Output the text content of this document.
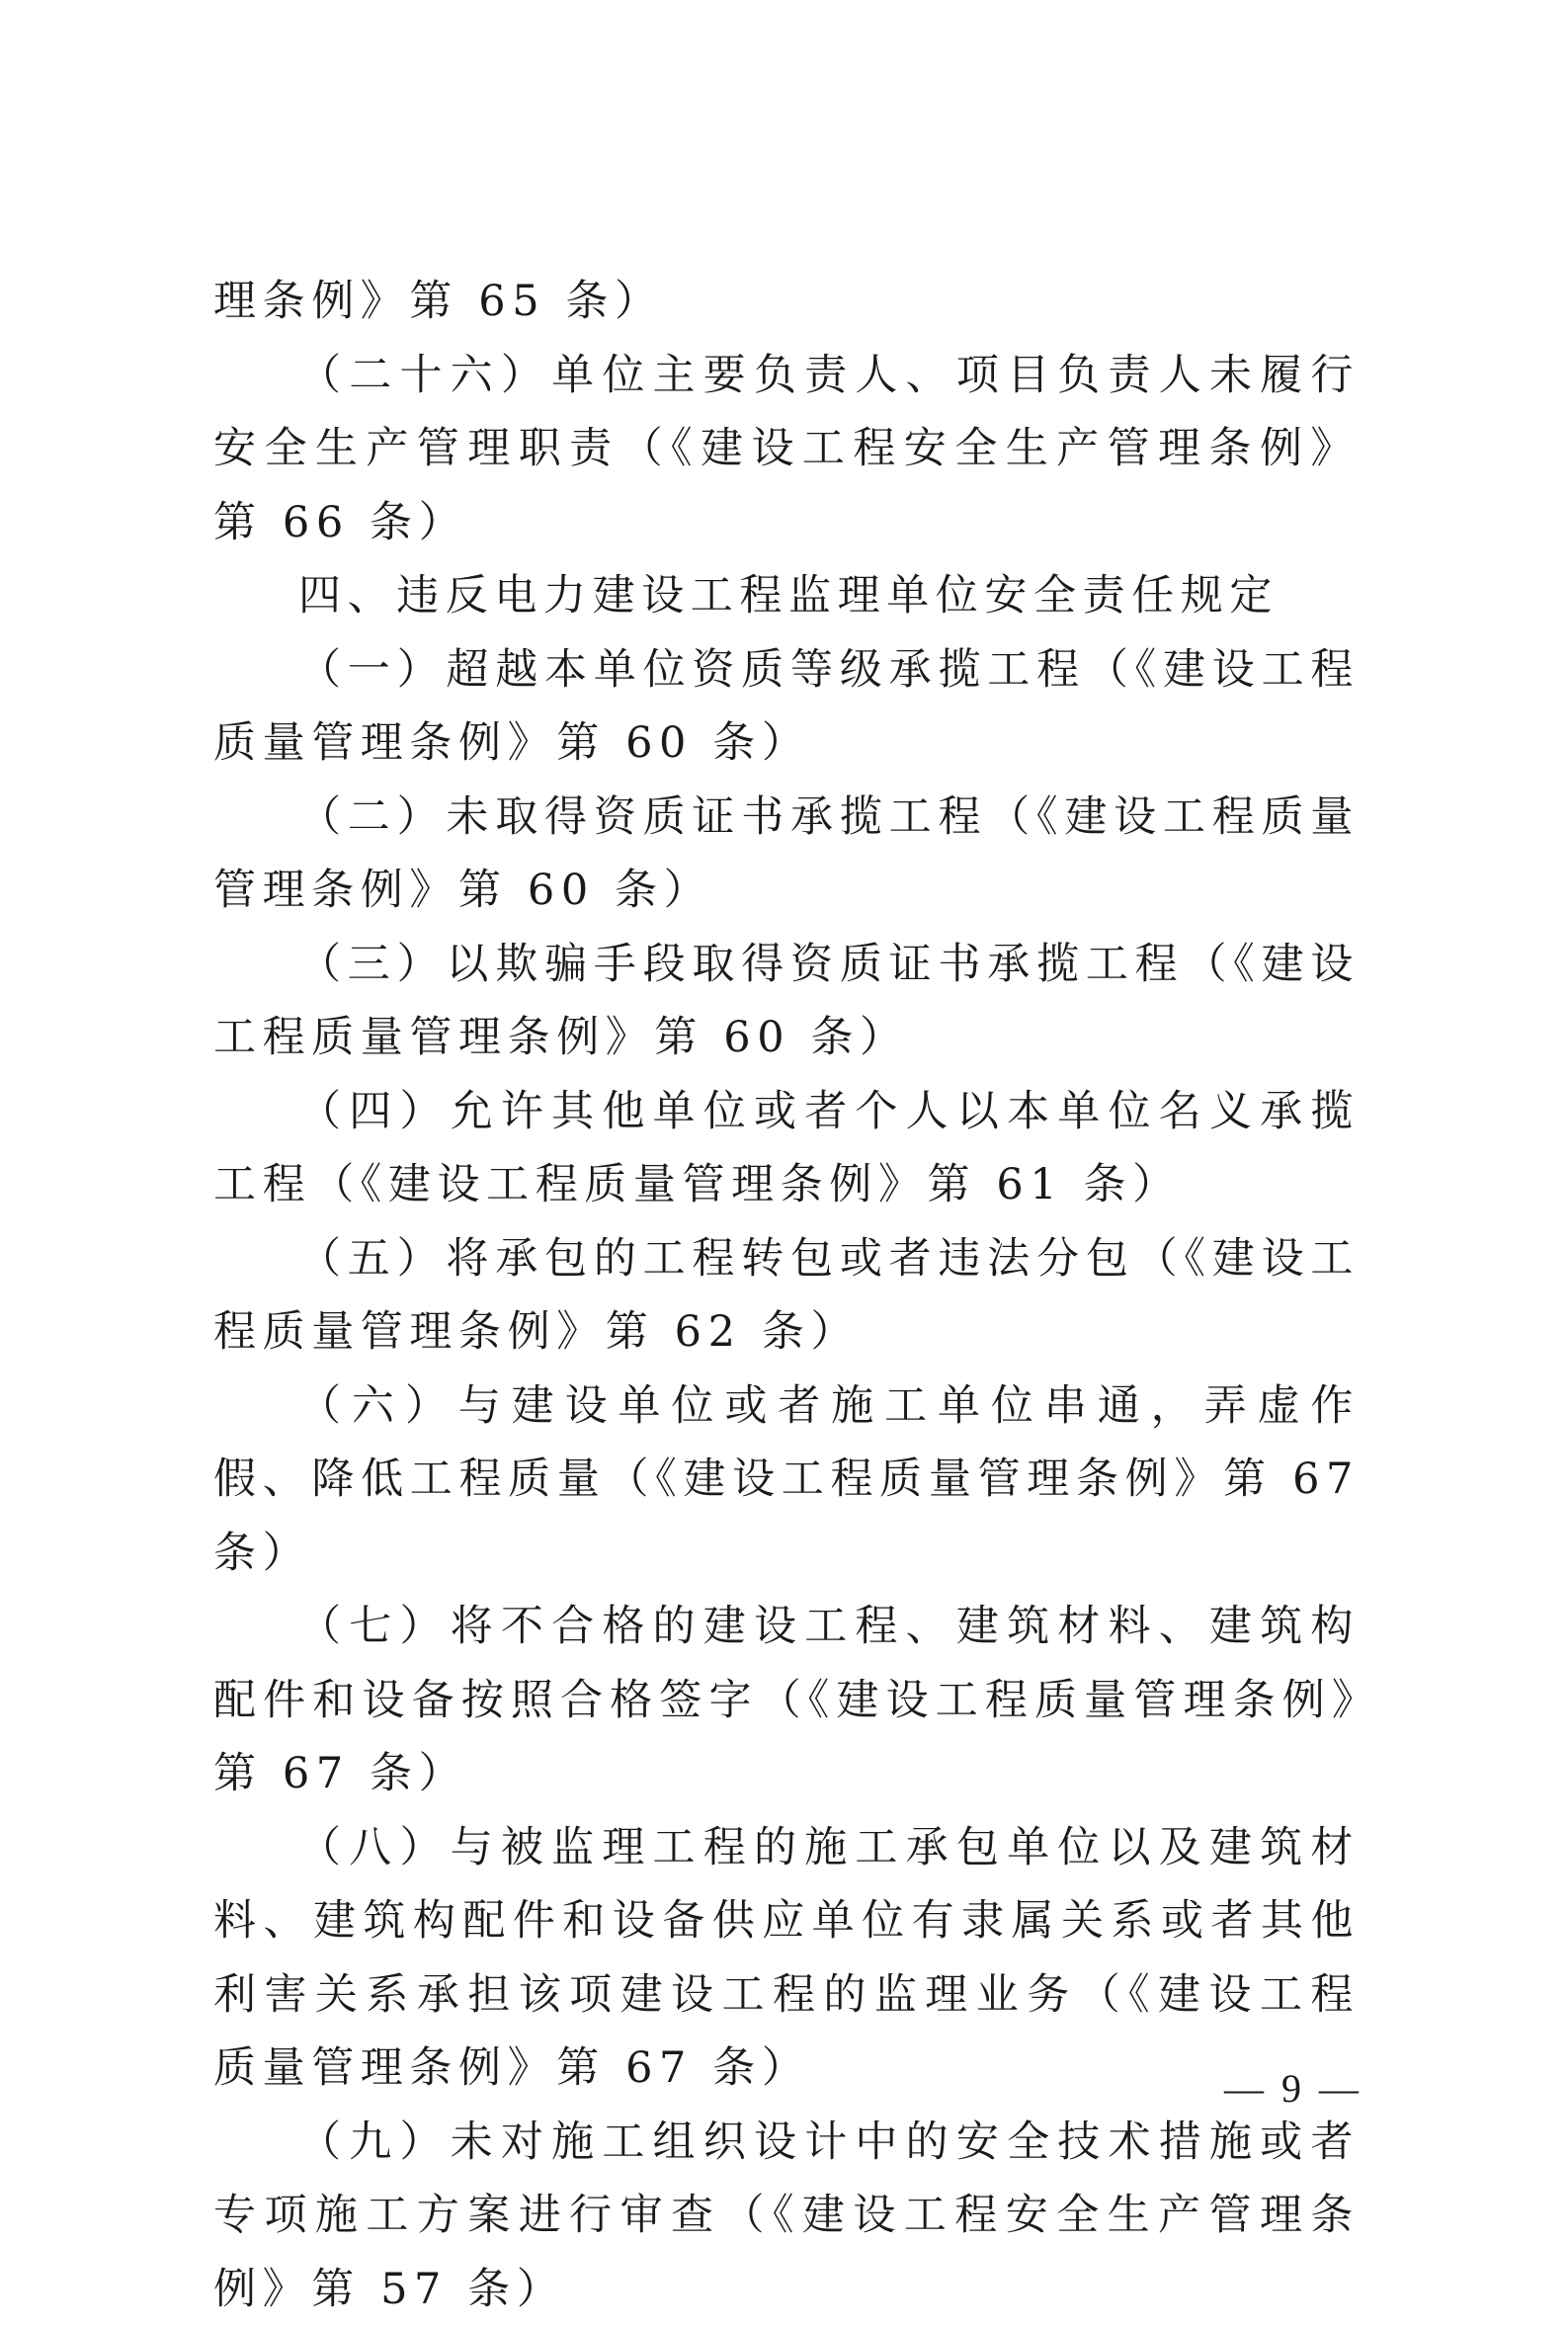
理条例》第 65 条）

（二十六）单位主要负责人、项目负责人未履行安全生产管理职责（《建设工程安全生产管理条例》第 66 条）

四、违反电力建设工程监理单位安全责任规定

（一）超越本单位资质等级承揽工程（《建设工程质量管理条例》第 60 条）

（二）未取得资质证书承揽工程（《建设工程质量管理条例》第 60 条）

（三）以欺骗手段取得资质证书承揽工程（《建设工程质量管理条例》第 60 条）

（四）允许其他单位或者个人以本单位名义承揽工程（《建设工程质量管理条例》第 61 条）

（五）将承包的工程转包或者违法分包（《建设工程质量管理条例》第 62 条）

（六）与建设单位或者施工单位串通，弄虚作假、降低工程质量（《建设工程质量管理条例》第 67 条）

（七）将不合格的建设工程、建筑材料、建筑构配件和设备按照合格签字（《建设工程质量管理条例》第 67 条）

（八）与被监理工程的施工承包单位以及建筑材料、建筑构配件和设备供应单位有隶属关系或者其他利害关系承担该项建设工程的监理业务（《建设工程质量管理条例》第 67 条）

（九）未对施工组织设计中的安全技术措施或者专项施工方案进行审查（《建设工程安全生产管理条例》第 57 条）

— 9 —
